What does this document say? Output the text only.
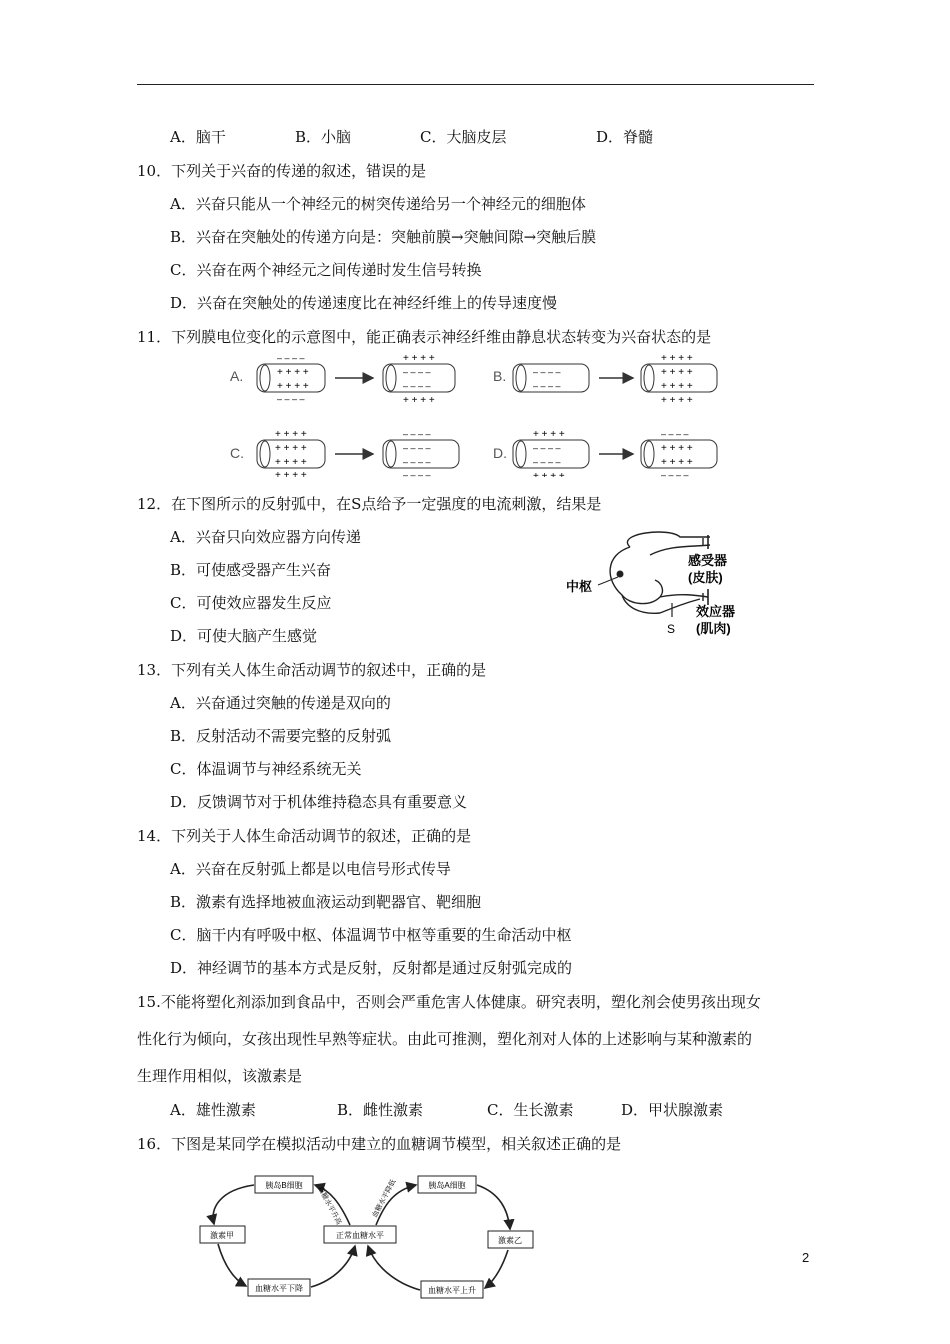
A．脑干	B．小脑	C．大脑皮层	D．脊髓
10．下列关于兴奋的传递的叙述，错误的是
A．兴奋只能从一个神经元的树突传递给另一个神经元的细胞体
B．兴奋在突触处的传递方向是：突触前膜→突触间隙→突触后膜
C．兴奋在两个神经元之间传递时发生信号转换
D．兴奋在突触处的传递速度比在神经纤维上的传导速度慢
11．下列膜电位变化的示意图中，能正确表示神经纤维由静息状态转变为兴奋状态的是
A.	B.
C.	D.
– – – –
+ + + +
+ + + +
– – – –
+ + + +
– – – –
– – – –
+ + + +
– – – –
– – – –
+ + + +
+ + + +
+ + + +
+ + + +
+ + + +
+ + + +
+ + + +
+ + + +
– – – –
– – – –
– – – –
– – – –
+ + + +
– – – –
– – – –
+ + + +
– – – –
+ + + +
+ + + +
– – – –
12．在下图所示的反射弧中，在S点给予一定强度的电流刺激，结果是
A．兴奋只向效应器方向传递
B．可使感受器产生兴奋
C．可使效应器发生反应
D．可使大脑产生感觉
中枢
感受器
(皮肤)
效应器
(肌肉)
S
13．下列有关人体生命活动调节的叙述中，正确的是
A．兴奋通过突触的传递是双向的
B．反射活动不需要完整的反射弧
C．体温调节与神经系统无关
D．反馈调节对于机体维持稳态具有重要意义
14．下列关于人体生命活动调节的叙述，正确的是
A．兴奋在反射弧上都是以电信号形式传导
B．激素有选择地被血液运动到靶器官、靶细胞
C．脑干内有呼吸中枢、体温调节中枢等重要的生命活动中枢
D．神经调节的基本方式是反射，反射都是通过反射弧完成的
15.不能将塑化剂添加到食品中，否则会严重危害人体健康。研究表明，塑化剂会使男孩出现女
性化行为倾向，女孩出现性早熟等症状。由此可推测，塑化剂对人体的上述影响与某种激素的
生理作用相似，该激素是
A．雄性激素	B．雌性激素	C．生长激素	D．甲状腺激素
16．下图是某同学在模拟活动中建立的血糖调节模型，相关叙述正确的是
胰岛B细胞	胰岛A细胞
激素甲	正常血糖水平
激素乙
血糖水平下降	血糖水平上升
血糖水平升高	血糖水平降低
2
